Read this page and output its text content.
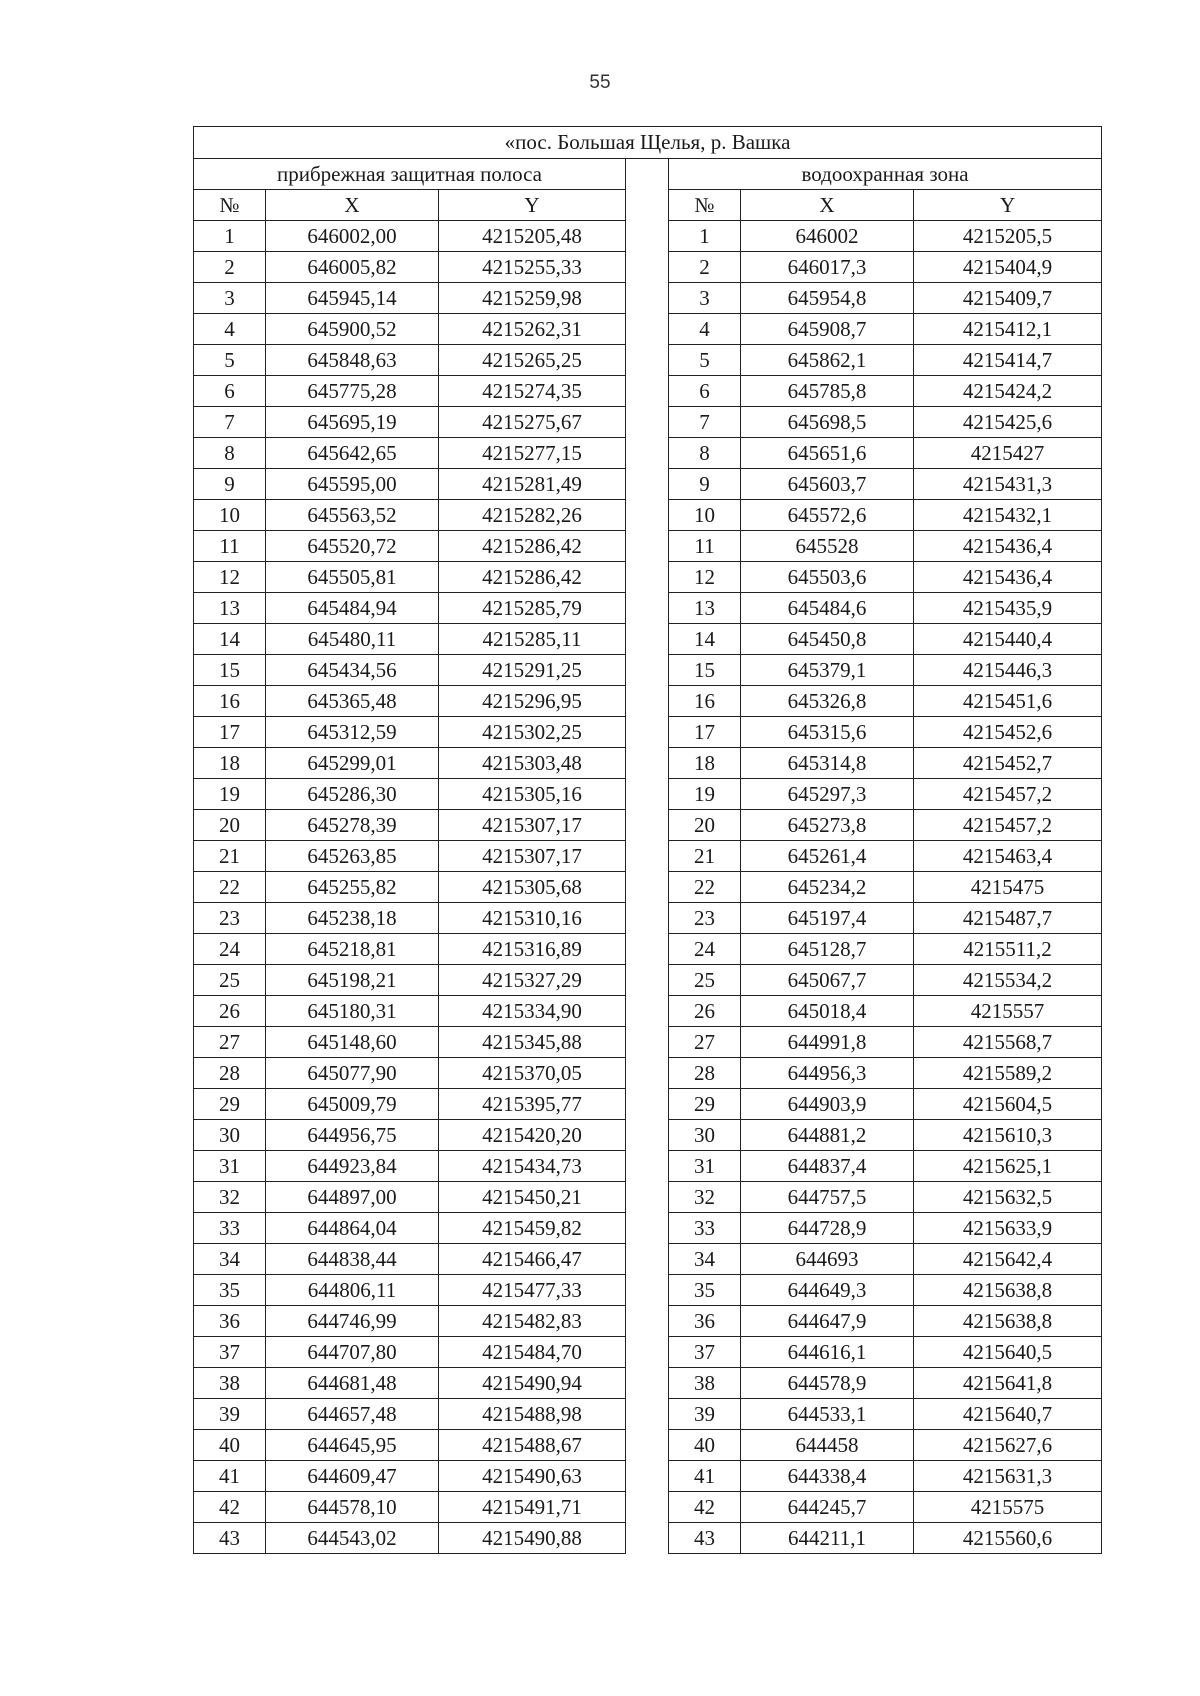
55
«пос. Большая Щелья, р. Вашка						
прибрежная защитная полоса				водоохранная зона		
№	X	Y		№	X	Y
1	646002,00	4215205,48		1	646002	4215205,5
2	646005,82	4215255,33		2	646017,3	4215404,9
3	645945,14	4215259,98		3	645954,8	4215409,7
4	645900,52	4215262,31		4	645908,7	4215412,1
5	645848,63	4215265,25		5	645862,1	4215414,7
6	645775,28	4215274,35		6	645785,8	4215424,2
7	645695,19	4215275,67		7	645698,5	4215425,6
8	645642,65	4215277,15		8	645651,6	4215427
9	645595,00	4215281,49		9	645603,7	4215431,3
10	645563,52	4215282,26		10	645572,6	4215432,1
11	645520,72	4215286,42		11	645528	4215436,4
12	645505,81	4215286,42		12	645503,6	4215436,4
13	645484,94	4215285,79		13	645484,6	4215435,9
14	645480,11	4215285,11		14	645450,8	4215440,4
15	645434,56	4215291,25		15	645379,1	4215446,3
16	645365,48	4215296,95		16	645326,8	4215451,6
17	645312,59	4215302,25		17	645315,6	4215452,6
18	645299,01	4215303,48		18	645314,8	4215452,7
19	645286,30	4215305,16		19	645297,3	4215457,2
20	645278,39	4215307,17		20	645273,8	4215457,2
21	645263,85	4215307,17		21	645261,4	4215463,4
22	645255,82	4215305,68		22	645234,2	4215475
23	645238,18	4215310,16		23	645197,4	4215487,7
24	645218,81	4215316,89		24	645128,7	4215511,2
25	645198,21	4215327,29		25	645067,7	4215534,2
26	645180,31	4215334,90		26	645018,4	4215557
27	645148,60	4215345,88		27	644991,8	4215568,7
28	645077,90	4215370,05		28	644956,3	4215589,2
29	645009,79	4215395,77		29	644903,9	4215604,5
30	644956,75	4215420,20		30	644881,2	4215610,3
31	644923,84	4215434,73		31	644837,4	4215625,1
32	644897,00	4215450,21		32	644757,5	4215632,5
33	644864,04	4215459,82		33	644728,9	4215633,9
34	644838,44	4215466,47		34	644693	4215642,4
35	644806,11	4215477,33		35	644649,3	4215638,8
36	644746,99	4215482,83		36	644647,9	4215638,8
37	644707,80	4215484,70		37	644616,1	4215640,5
38	644681,48	4215490,94		38	644578,9	4215641,8
39	644657,48	4215488,98		39	644533,1	4215640,7
40	644645,95	4215488,67		40	644458	4215627,6
41	644609,47	4215490,63		41	644338,4	4215631,3
42	644578,10	4215491,71		42	644245,7	4215575
43	644543,02	4215490,88		43	644211,1	4215560,6
